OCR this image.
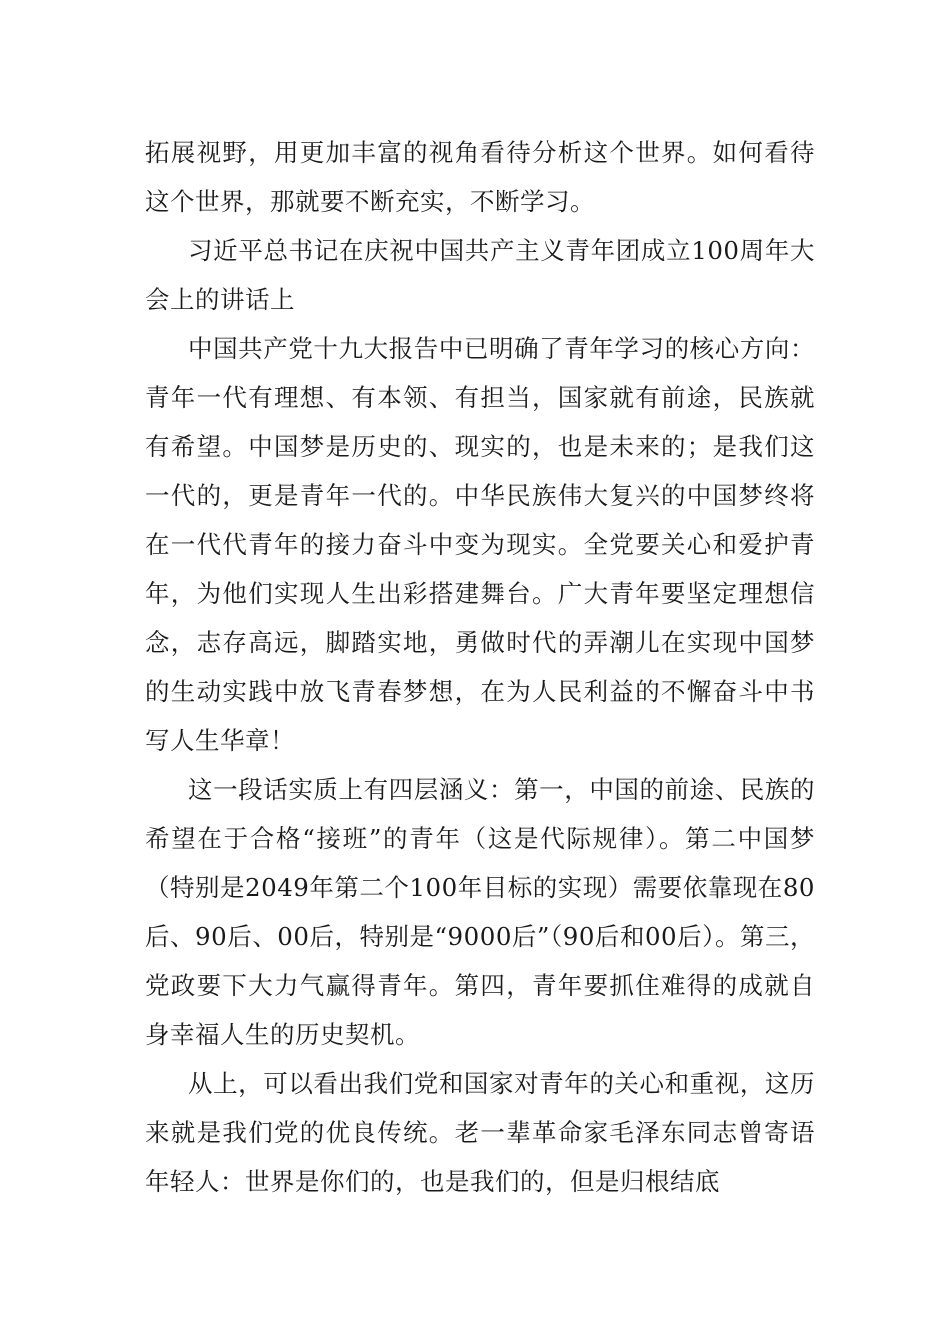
拓展视野，用更加丰富的视角看待分析这个世界。如何看待这个世界，那就要不断充实，不断学习。

习近平总书记在庆祝中国共产主义青年团成立100周年大会上的讲话上

中国共产党十九大报告中已明确了青年学习的核心方向：青年一代有理想、有本领、有担当，国家就有前途，民族就有希望。中国梦是历史的、现实的，也是未来的；是我们这一代的，更是青年一代的。中华民族伟大复兴的中国梦终将在一代代青年的接力奋斗中变为现实。全党要关心和爱护青年，为他们实现人生出彩搭建舞台。广大青年要坚定理想信念，志存高远，脚踏实地，勇做时代的弄潮儿在实现中国梦的生动实践中放飞青春梦想，在为人民利益的不懈奋斗中书写人生华章！

这一段话实质上有四层涵义：第一，中国的前途、民族的希望在于合格“接班”的青年（这是代际规律）。第二中国梦（特别是2049年第二个100年目标的实现）需要依靠现在80后、90后、00后，特别是“9000后”（90后和00后）。第三，党政要下大力气赢得青年。第四，青年要抓住难得的成就自身幸福人生的历史契机。

从上，可以看出我们党和国家对青年的关心和重视，这历来就是我们党的优良传统。老一辈革命家毛泽东同志曾寄语年轻人：世界是你们的，也是我们的，但是归根结底
